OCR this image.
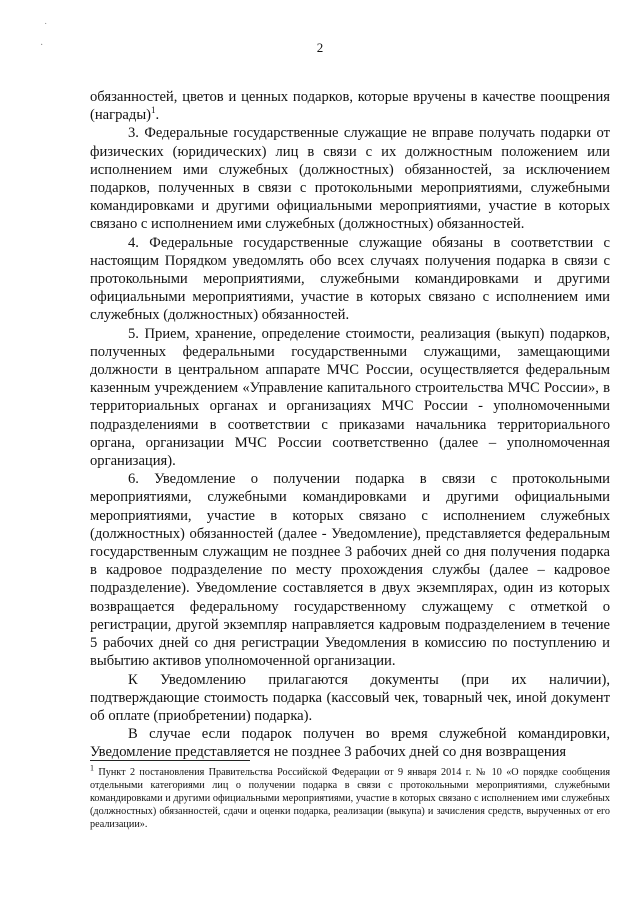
˙
·	2

обязанностей, цветов и ценных подарков, которые вручены в качестве поощрения (награды)$^1$.

3. Федеральные государственные служащие не вправе получать подарки от физических (юридических) лиц в связи с их должностным положением или исполнением ими служебных (должностных) обязанностей, за исключением подарков, полученных в связи с протокольными мероприятиями, служебными командировками и другими официальными мероприятиями, участие в которых связано с исполнением ими служебных (должностных) обязанностей.

4. Федеральные государственные служащие обязаны в соответствии с настоящим Порядком уведомлять обо всех случаях получения подарка в связи с протокольными мероприятиями, служебными командировками и другими официальными мероприятиями, участие в которых связано с исполнением ими служебных (должностных) обязанностей.

5. Прием, хранение, определение стоимости, реализация (выкуп) подарков, полученных федеральными государственными служащими, замещающими должности в центральном аппарате МЧС России, осуществляется федеральным казенным учреждением «Управление капитального строительства МЧС России», в территориальных органах и организациях МЧС России - уполномоченными подразделениями в соответствии с приказами начальника территориального органа, организации МЧС России соответственно (далее – уполномоченная организация).

6. Уведомление о получении подарка в связи с протокольными мероприятиями, служебными командировками и другими официальными мероприятиями, участие в которых связано с исполнением служебных (должностных) обязанностей (далее - Уведомление), представляется федеральным государственным служащим не позднее 3 рабочих дней со дня получения подарка в кадровое подразделение по месту прохождения службы (далее – кадровое подразделение). Уведомление составляется в двух экземплярах, один из которых возвращается федеральному государственному служащему с отметкой о регистрации, другой экземпляр направляется кадровым подразделением в течение 5 рабочих дней со дня регистрации Уведомления в комиссию по поступлению и выбытию активов уполномоченной организации.

К Уведомлению прилагаются документы (при их наличии), подтверждающие стоимость подарка (кассовый чек, товарный чек, иной документ об оплате (приобретении) подарка).

В случае если подарок получен во время служебной командировки, Уведомление представляется не позднее 3 рабочих дней со дня возвращения

$^1$ Пункт 2 постановления Правительства Российской Федерации от 9 января 2014 г. № 10 «О порядке сообщения отдельными категориями лиц о получении подарка в связи с протокольными мероприятиями, служебными командировками и другими официальными мероприятиями, участие в которых связано с исполнением ими служебных (должностных) обязанностей, сдачи и оценки подарка, реализации (выкупа) и зачисления средств, вырученных от его реализации».
